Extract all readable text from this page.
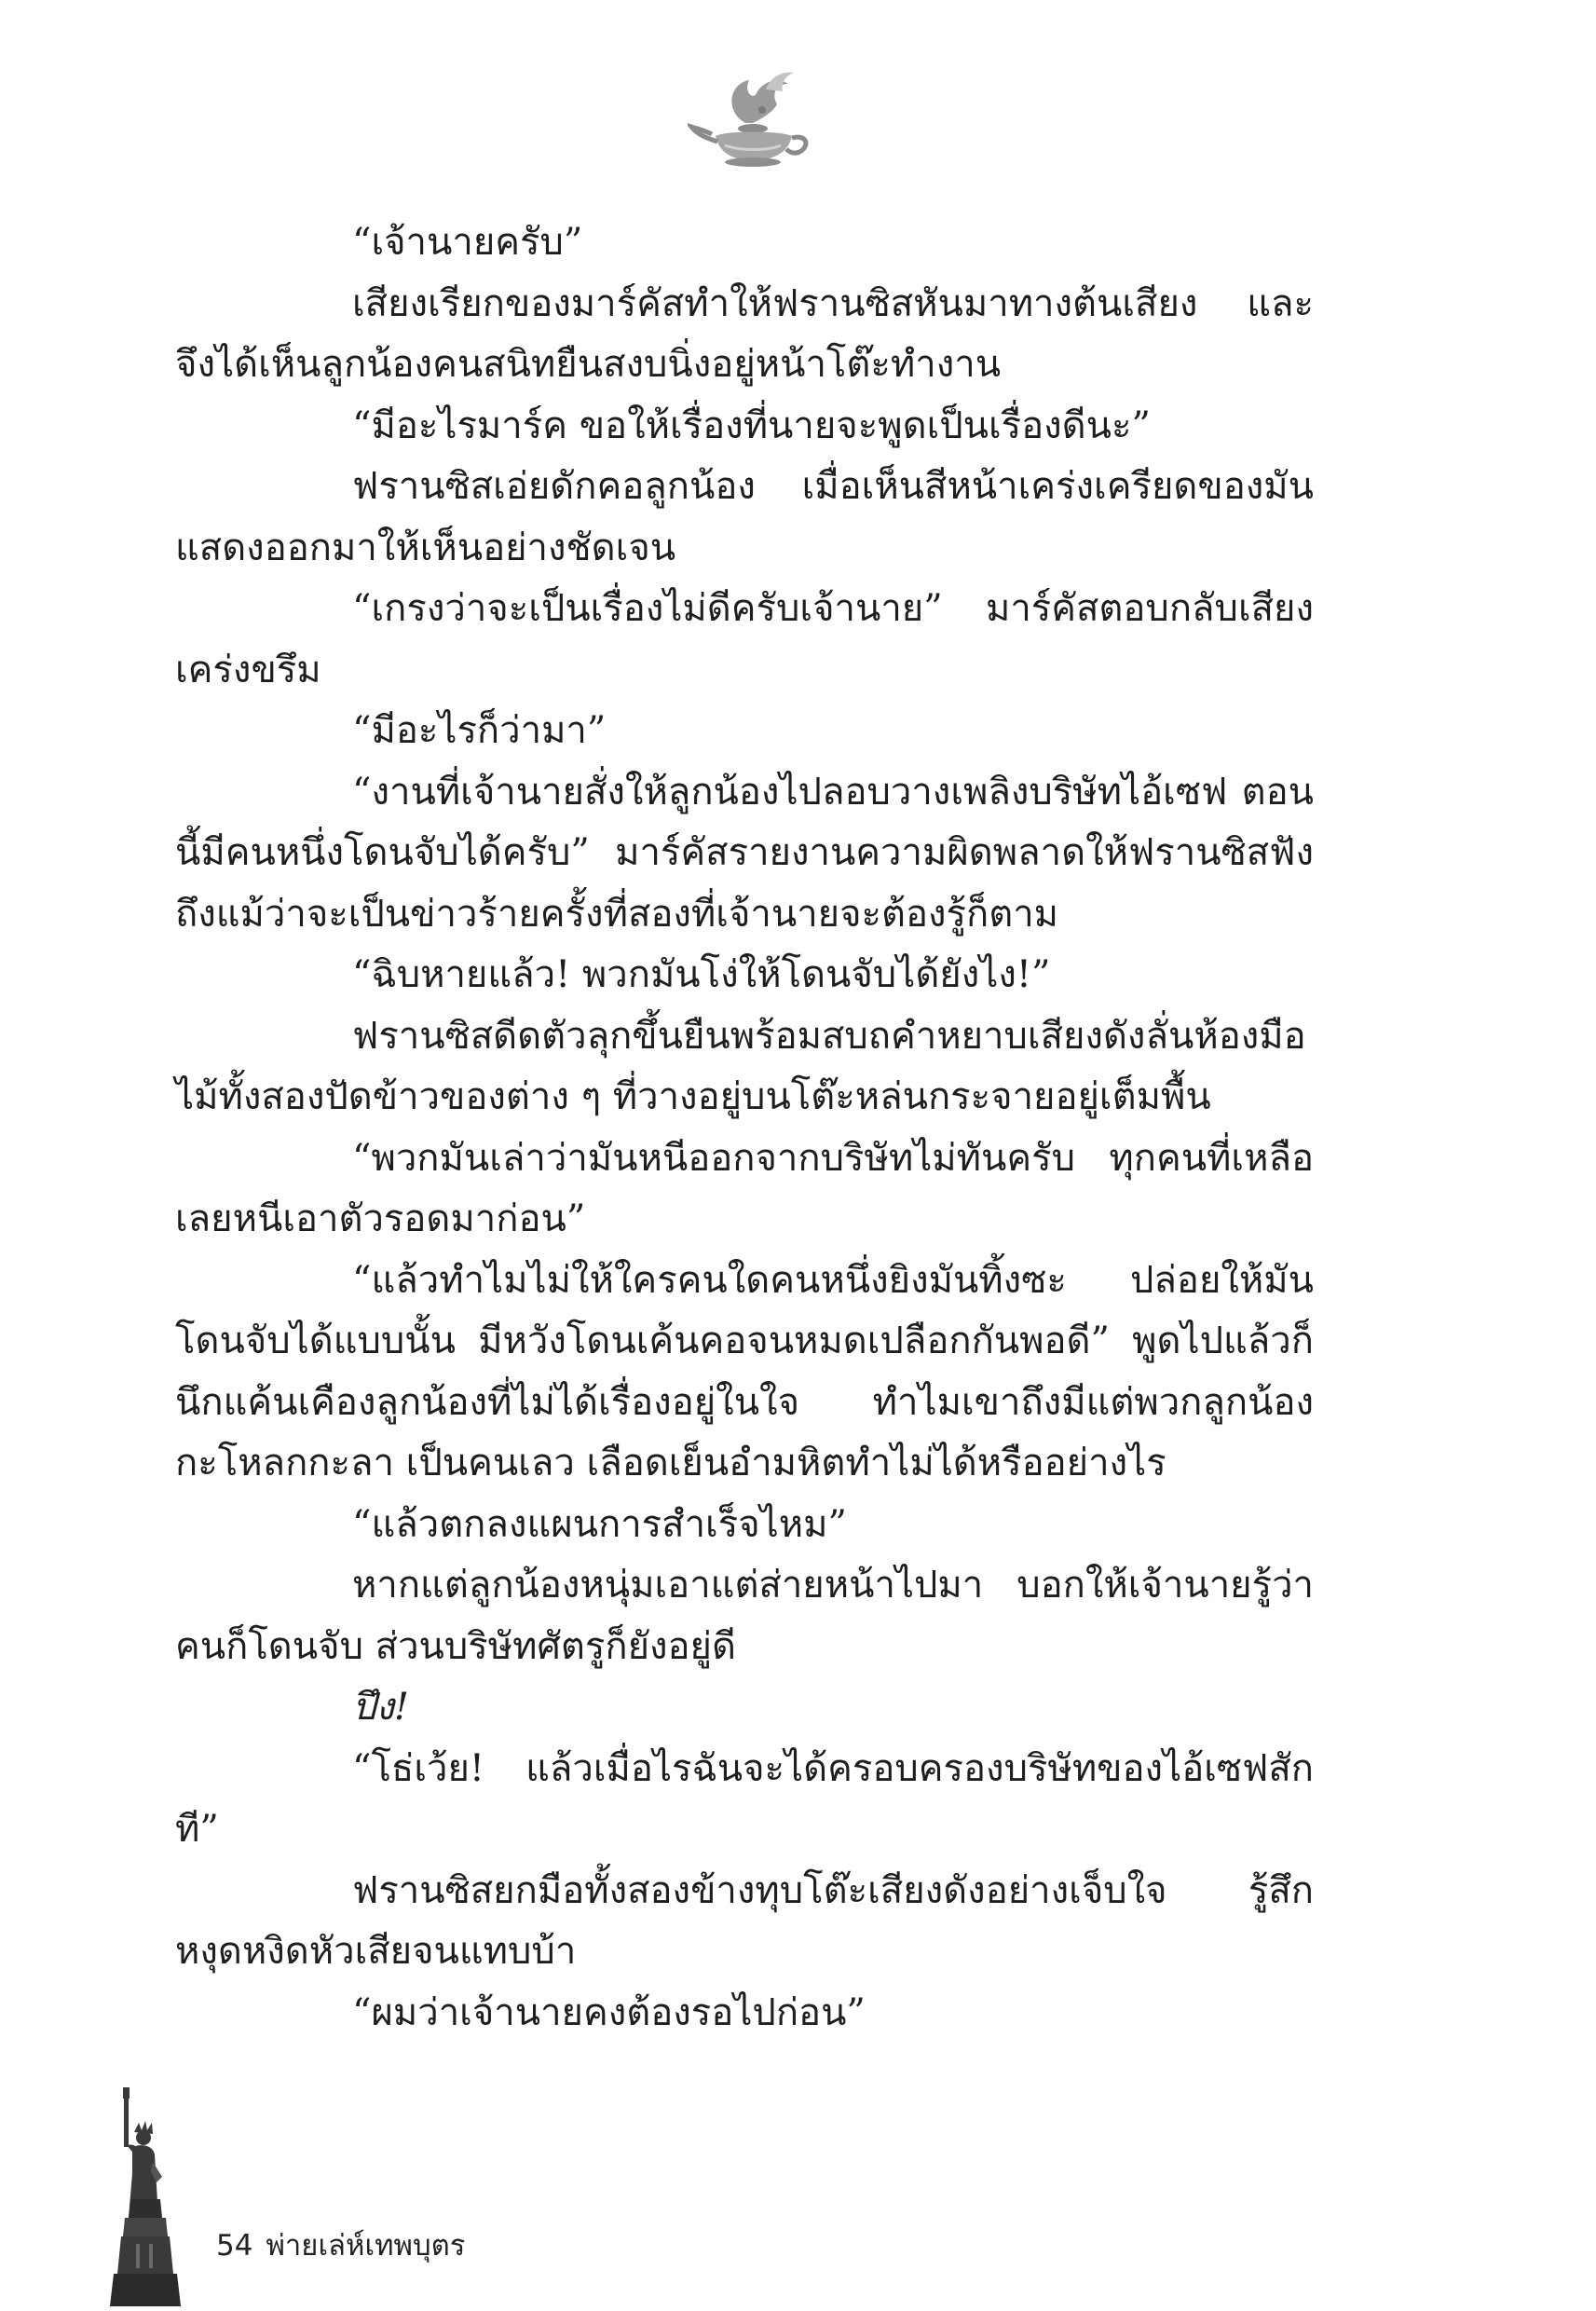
“เจ้านายครับ”

เสียงเรียกของมาร์คัสทำให้ฟรานซิสหันมาทางต้นเสียง และจึงได้เห็นลูกน้องคนสนิทยืนสงบนิ่งอยู่หน้าโต๊ะทำงาน

“มีอะไรมาร์ค ขอให้เรื่องที่นายจะพูดเป็นเรื่องดีนะ”

ฟรานซิสเอ่ยดักคอลูกน้อง เมื่อเห็นสีหน้าเคร่งเครียดของมันแสดงออกมาให้เห็นอย่างชัดเจน

“เกรงว่าจะเป็นเรื่องไม่ดีครับเจ้านาย” มาร์คัสตอบกลับเสียงเคร่งขรึม

“มีอะไรก็ว่ามา”

“งานที่เจ้านายสั่งให้ลูกน้องไปลอบวางเพลิงบริษัทไอ้เซฟ ตอนนี้มีคนหนึ่งโดนจับได้ครับ” มาร์คัสรายงานความผิดพลาดให้ฟรานซิสฟังถึงแม้ว่าจะเป็นข่าวร้ายครั้งที่สองที่เจ้านายจะต้องรู้ก็ตาม

“ฉิบหายแล้ว! พวกมันโง่ให้โดนจับได้ยังไง!”

ฟรานซิสดีดตัวลุกขึ้นยืนพร้อมสบถคำหยาบเสียงดังลั่นห้องมือไม้ทั้งสองปัดข้าวของต่าง ๆ ที่วางอยู่บนโต๊ะหล่นกระจายอยู่เต็มพื้น

“พวกมันเล่าว่ามันหนีออกจากบริษัทไม่ทันครับ ทุกคนที่เหลือเลยหนีเอาตัวรอดมาก่อน”

“แล้วทำไมไม่ให้ใครคนใดคนหนึ่งยิงมันทิ้งซะ ปล่อยให้มันโดนจับได้แบบนั้น มีหวังโดนเค้นคอจนหมดเปลือกกันพอดี” พูดไปแล้วก็นึกแค้นเคืองลูกน้องที่ไม่ได้เรื่องอยู่ในใจ ทำไมเขาถึงมีแต่พวกลูกน้องกะโหลกกะลา เป็นคนเลว เลือดเย็นอำมหิตทำไม่ได้หรืออย่างไร

“แล้วตกลงแผนการสำเร็จไหม”

หากแต่ลูกน้องหนุ่มเอาแต่ส่ายหน้าไปมา บอกให้เจ้านายรู้ว่าคนก็โดนจับ ส่วนบริษัทศัตรูก็ยังอยู่ดี

ปึง!

“โธ่เว้ย! แล้วเมื่อไรฉันจะได้ครอบครองบริษัทของไอ้เซฟสักที”

ฟรานซิสยกมือทั้งสองข้างทุบโต๊ะเสียงดังอย่างเจ็บใจ รู้สึกหงุดหงิดหัวเสียจนแทบบ้า

“ผมว่าเจ้านายคงต้องรอไปก่อน”

54 พ่ายเล่ห์เทพบุตร
